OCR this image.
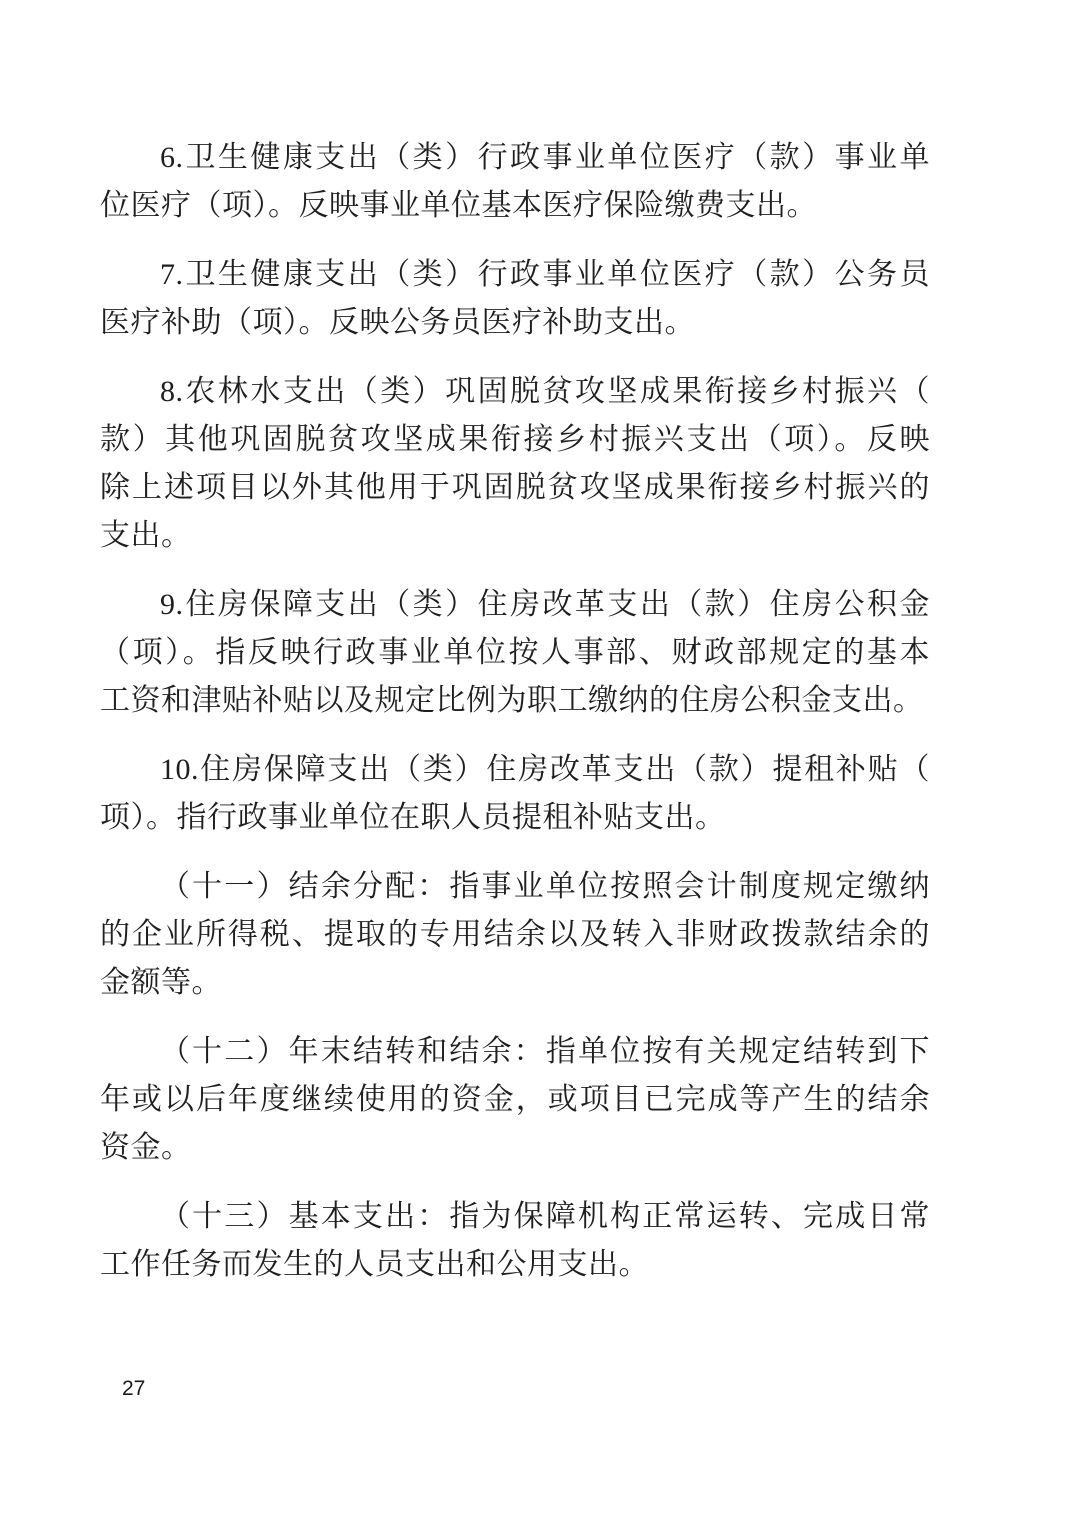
6.卫生健康支出（类）行政事业单位医疗（款）事业单
位医疗（项）。反映事业单位基本医疗保险缴费支出。
7.卫生健康支出（类）行政事业单位医疗（款）公务员
医疗补助（项）。反映公务员医疗补助支出。
8.农林水支出（类）巩固脱贫攻坚成果衔接乡村振兴（
款）其他巩固脱贫攻坚成果衔接乡村振兴支出（项）。反映
除上述项目以外其他用于巩固脱贫攻坚成果衔接乡村振兴的
支出。
9.住房保障支出（类）住房改革支出（款）住房公积金
（项）。指反映行政事业单位按人事部、财政部规定的基本
工资和津贴补贴以及规定比例为职工缴纳的住房公积金支出。
10.住房保障支出（类）住房改革支出（款）提租补贴（
项）。指行政事业单位在职人员提租补贴支出。
（十一）结余分配：指事业单位按照会计制度规定缴纳
的企业所得税、提取的专用结余以及转入非财政拨款结余的
金额等。
（十二）年末结转和结余：指单位按有关规定结转到下
年或以后年度继续使用的资金，或项目已完成等产生的结余
资金。
（十三）基本支出：指为保障机构正常运转、完成日常
工作任务而发生的人员支出和公用支出。
27
